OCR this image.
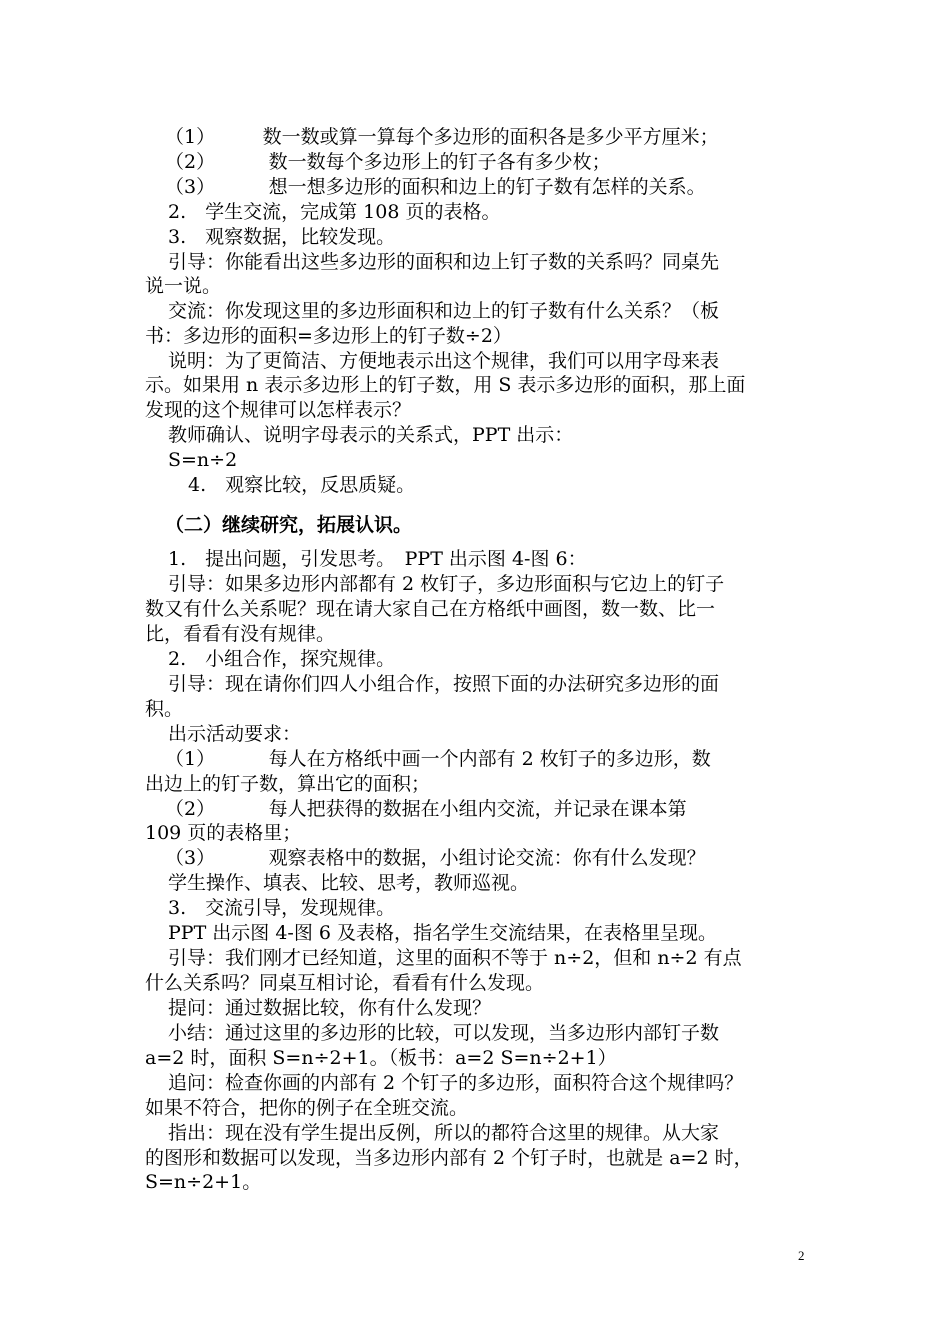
（1）　　　数一数或算一算每个多边形的面积各是多少平方厘米；
（2）　　　 数一数每个多边形上的钉子各有多少枚；
（3）　　　 想一想多边形的面积和边上的钉子数有怎样的关系。
2.　学生交流，完成第 108 页的表格。
3.　观察数据，比较发现。
引导：你能看出这些多边形的面积和边上钉子数的关系吗？同桌先
说一说。
交流：你发现这里的多边形面积和边上的钉子数有什么关系？（板
书：多边形的面积=多边形上的钉子数÷2）
说明：为了更简洁、方便地表示出这个规律，我们可以用字母来表
示。如果用 n 表示多边形上的钉子数，用 S 表示多边形的面积，那上面
发现的这个规律可以怎样表示？
教师确认、说明字母表示的关系式，PPT 出示：
S=n÷2
4.　观察比较，反思质疑。
（二）继续研究，拓展认识。
1.　提出问题，引发思考。　PPT 出示图 4-图 6：
引导：如果多边形内部都有 2 枚钉子，多边形面积与它边上的钉子
数又有什么关系呢？现在请大家自己在方格纸中画图，数一数、比一
比，看看有没有规律。
2.　小组合作，探究规律。
引导：现在请你们四人小组合作，按照下面的办法研究多边形的面
积。
出示活动要求：
（1）　　　 每人在方格纸中画一个内部有 2 枚钉子的多边形，数
出边上的钉子数，算出它的面积；
（2）　　　 每人把获得的数据在小组内交流，并记录在课本第
109 页的表格里；
（3）　　　 观察表格中的数据，小组讨论交流：你有什么发现？
学生操作、填表、比较、思考，教师巡视。
3.　交流引导，发现规律。
PPT 出示图 4-图 6 及表格，指名学生交流结果，在表格里呈现。
引导：我们刚才已经知道，这里的面积不等于 n÷2，但和 n÷2 有点
什么关系吗？同桌互相讨论，看看有什么发现。
提问：通过数据比较，你有什么发现？
小结：通过这里的多边形的比较，可以发现，当多边形内部钉子数
a=2 时，面积 S=n÷2+1。（板书：a=2 S=n÷2+1）
追问：检查你画的内部有 2 个钉子的多边形，面积符合这个规律吗？
如果不符合，把你的例子在全班交流。
指出：现在没有学生提出反例，所以的都符合这里的规律。从大家
的图形和数据可以发现，当多边形内部有 2 个钉子时，也就是 a=2 时，
S=n÷2+1。
2
